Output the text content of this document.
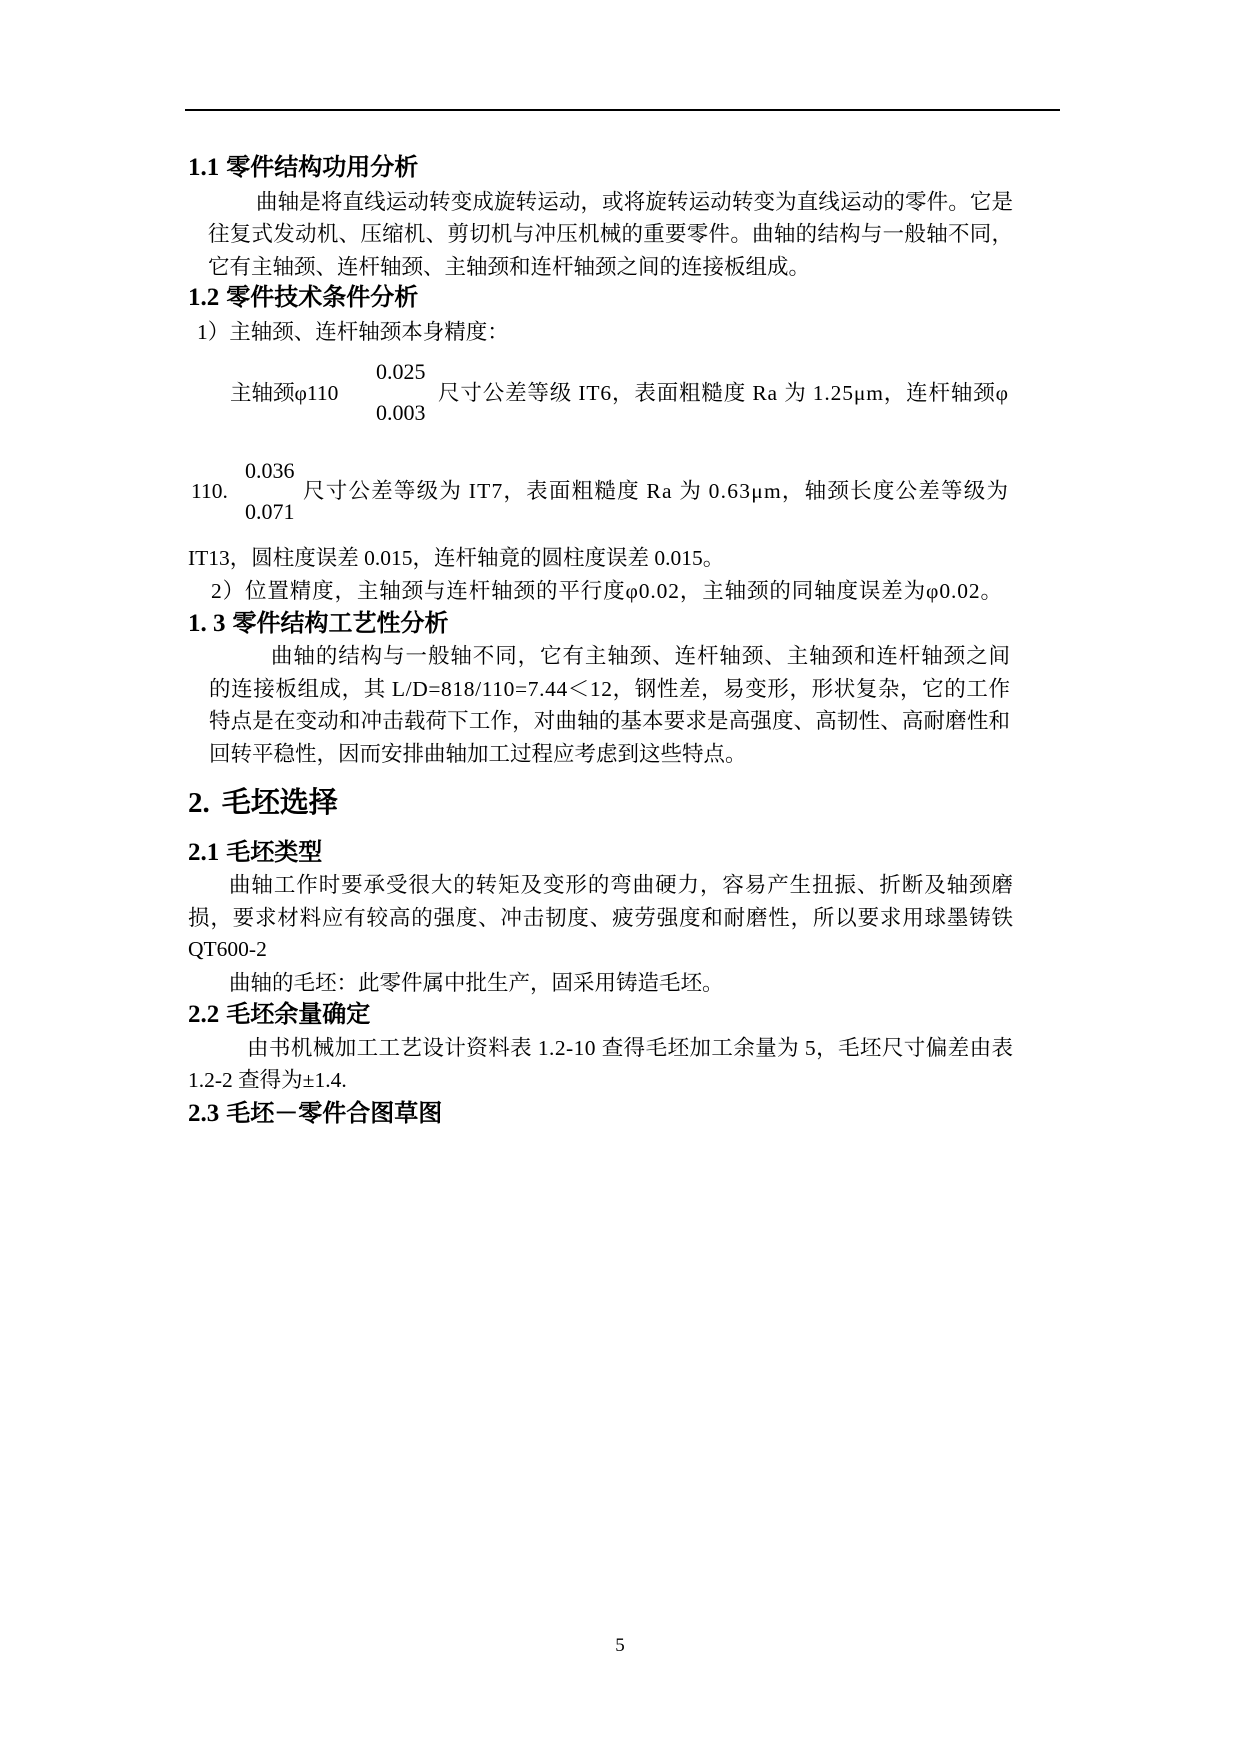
1.1 零件结构功用分析
曲轴是将直线运动转变成旋转运动，或将旋转运动转变为直线运动的零件。它是
往复式发动机、压缩机、剪切机与冲压机械的重要零件。曲轴的结构与一般轴不同，
它有主轴颈、连杆轴颈、主轴颈和连杆轴颈之间的连接板组成。
1.2 零件技术条件分析
1）主轴颈、连杆轴颈本身精度：
主轴颈φ110
0.025
0.003
尺寸公差等级 IT6，表面粗糙度 Ra 为 1.25μm，连杆轴颈φ
110.
0.036
0.071
尺寸公差等级为 IT7，表面粗糙度 Ra 为 0.63μm，轴颈长度公差等级为
IT13，圆柱度误差 0.015，连杆轴竟的圆柱度误差 0.015。
2）位置精度，主轴颈与连杆轴颈的平行度φ0.02，主轴颈的同轴度误差为φ0.02。
1. 3 零件结构工艺性分析
曲轴的结构与一般轴不同，它有主轴颈、连杆轴颈、主轴颈和连杆轴颈之间
的连接板组成，其 L/D=818/110=7.44＜12，钢性差，易变形，形状复杂，它的工作
特点是在变动和冲击载荷下工作，对曲轴的基本要求是高强度、高韧性、高耐磨性和
回转平稳性，因而安排曲轴加工过程应考虑到这些特点。
2. 毛坯选择
2.1 毛坯类型
曲轴工作时要承受很大的转矩及变形的弯曲硬力，容易产生扭振、折断及轴颈磨
损，要求材料应有较高的强度、冲击韧度、疲劳强度和耐磨性，所以要求用球墨铸铁
QT600-2
曲轴的毛坯：此零件属中批生产，固采用铸造毛坯。
2.2 毛坯余量确定
由书机械加工工艺设计资料表 1.2-10 查得毛坯加工余量为 5，毛坯尺寸偏差由表
1.2-2 查得为±1.4.
2.3 毛坯－零件合图草图
5
